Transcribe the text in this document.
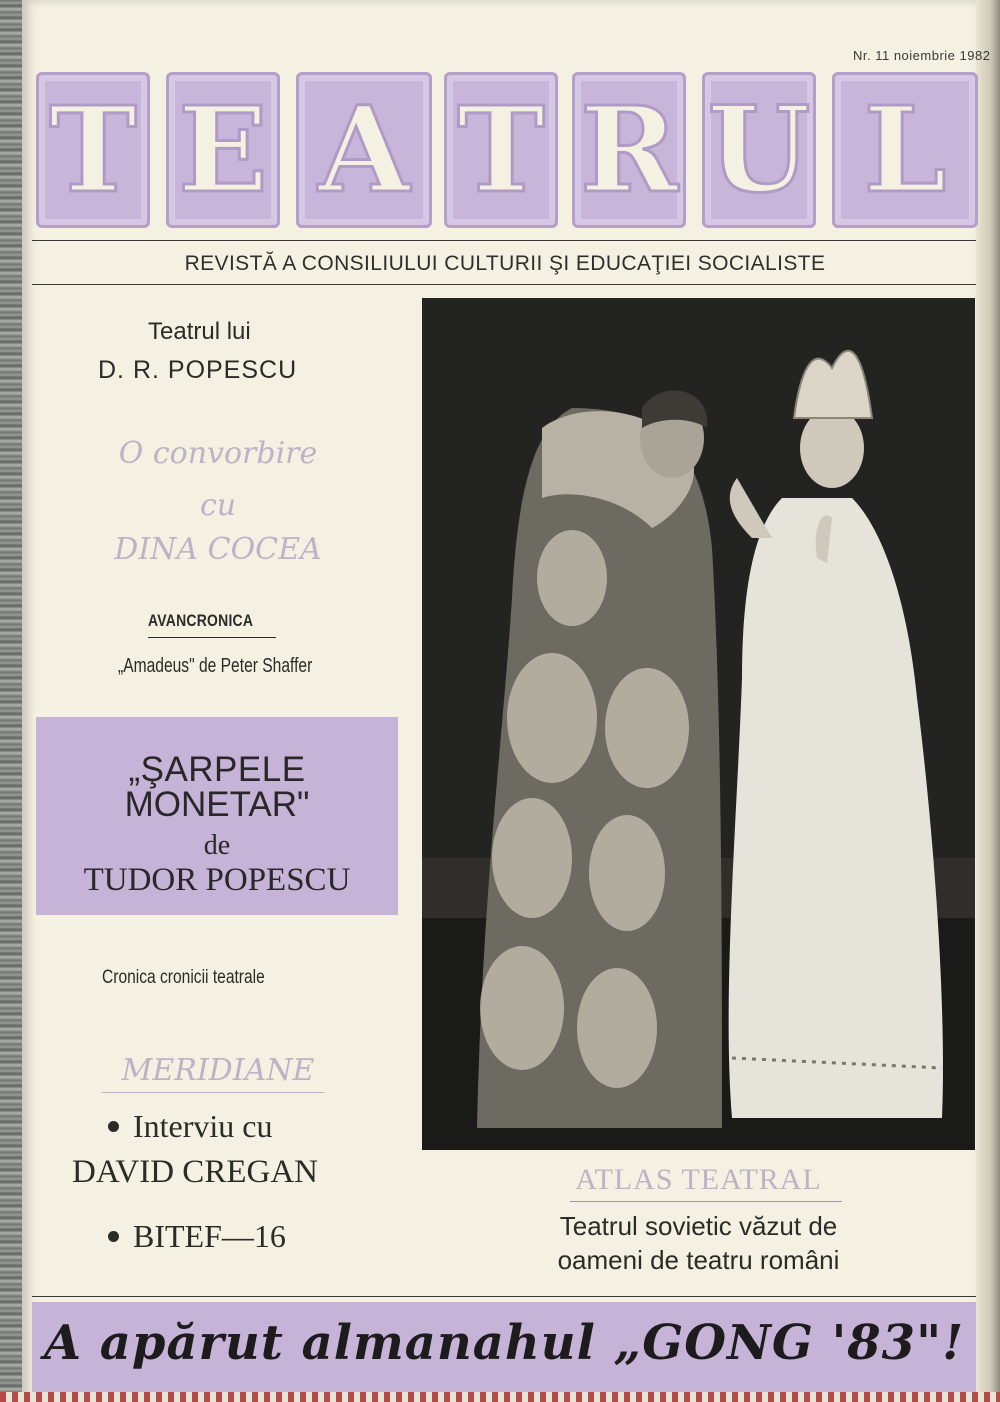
Nr. 11 noiembrie 1982
T E A T R U L
REVISTĂ A CONSILIULUI CULTURII ŞI EDUCAŢIEI SOCIALISTE
Teatrul lui
D. R. POPESCU
O convorbire
cu
DINA COCEA
AVANCRONICA
„Amadeus" de Peter Shaffer
„ŞARPELE
MONETAR"
de
TUDOR POPESCU
Cronica cronicii teatrale
MERIDIANE
Interviu cu
DAVID CREGAN
BITEF—16
ATLAS TEATRAL
Teatrul sovietic văzut de
oameni de teatru români
A apărut almanahul „GONG '83"!
